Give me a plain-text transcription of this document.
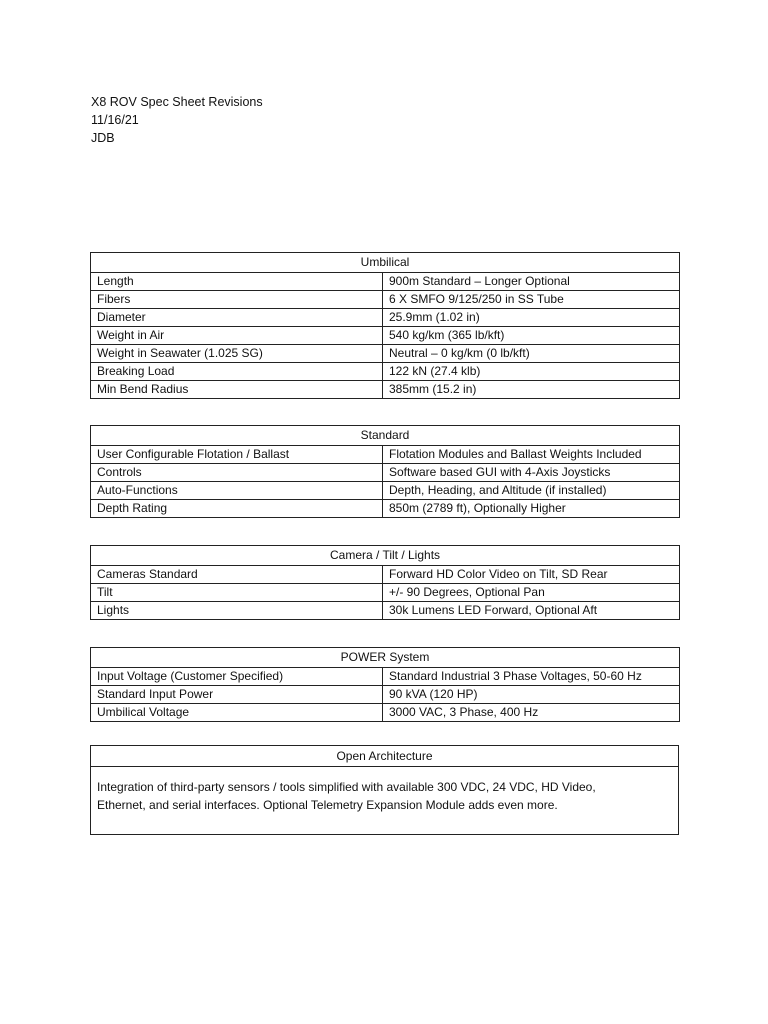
X8 ROV Spec Sheet Revisions
11/16/21
JDB
Umbilical	
Length	900m Standard – Longer Optional
Fibers	6 X SMFO 9/125/250 in SS Tube
Diameter	25.9mm (1.02 in)
Weight in Air	540 kg/km (365 lb/kft)
Weight in Seawater (1.025 SG)	Neutral – 0 kg/km (0 lb/kft)
Breaking Load	122 kN (27.4 klb)
Min Bend Radius	385mm (15.2 in)
Standard	
User Configurable Flotation / Ballast	Flotation Modules and Ballast Weights Included
Controls	Software based GUI with 4-Axis Joysticks
Auto-Functions	Depth, Heading, and Altitude (if installed)
Depth Rating	850m (2789 ft), Optionally Higher
Camera / Tilt / Lights	
Cameras Standard	Forward HD Color Video on Tilt, SD Rear
Tilt	+/- 90 Degrees, Optional Pan
Lights	30k Lumens LED Forward, Optional Aft
POWER System	
Input Voltage (Customer Specified)	Standard Industrial 3 Phase Voltages, 50-60 Hz
Standard Input Power	90 kVA (120 HP)
Umbilical Voltage	3000 VAC, 3 Phase, 400 Hz
Open Architecture
Integration of third-party sensors / tools simplified with available 300 VDC, 24 VDC, HD Video,
Ethernet, and serial interfaces. Optional Telemetry Expansion Module adds even more.
